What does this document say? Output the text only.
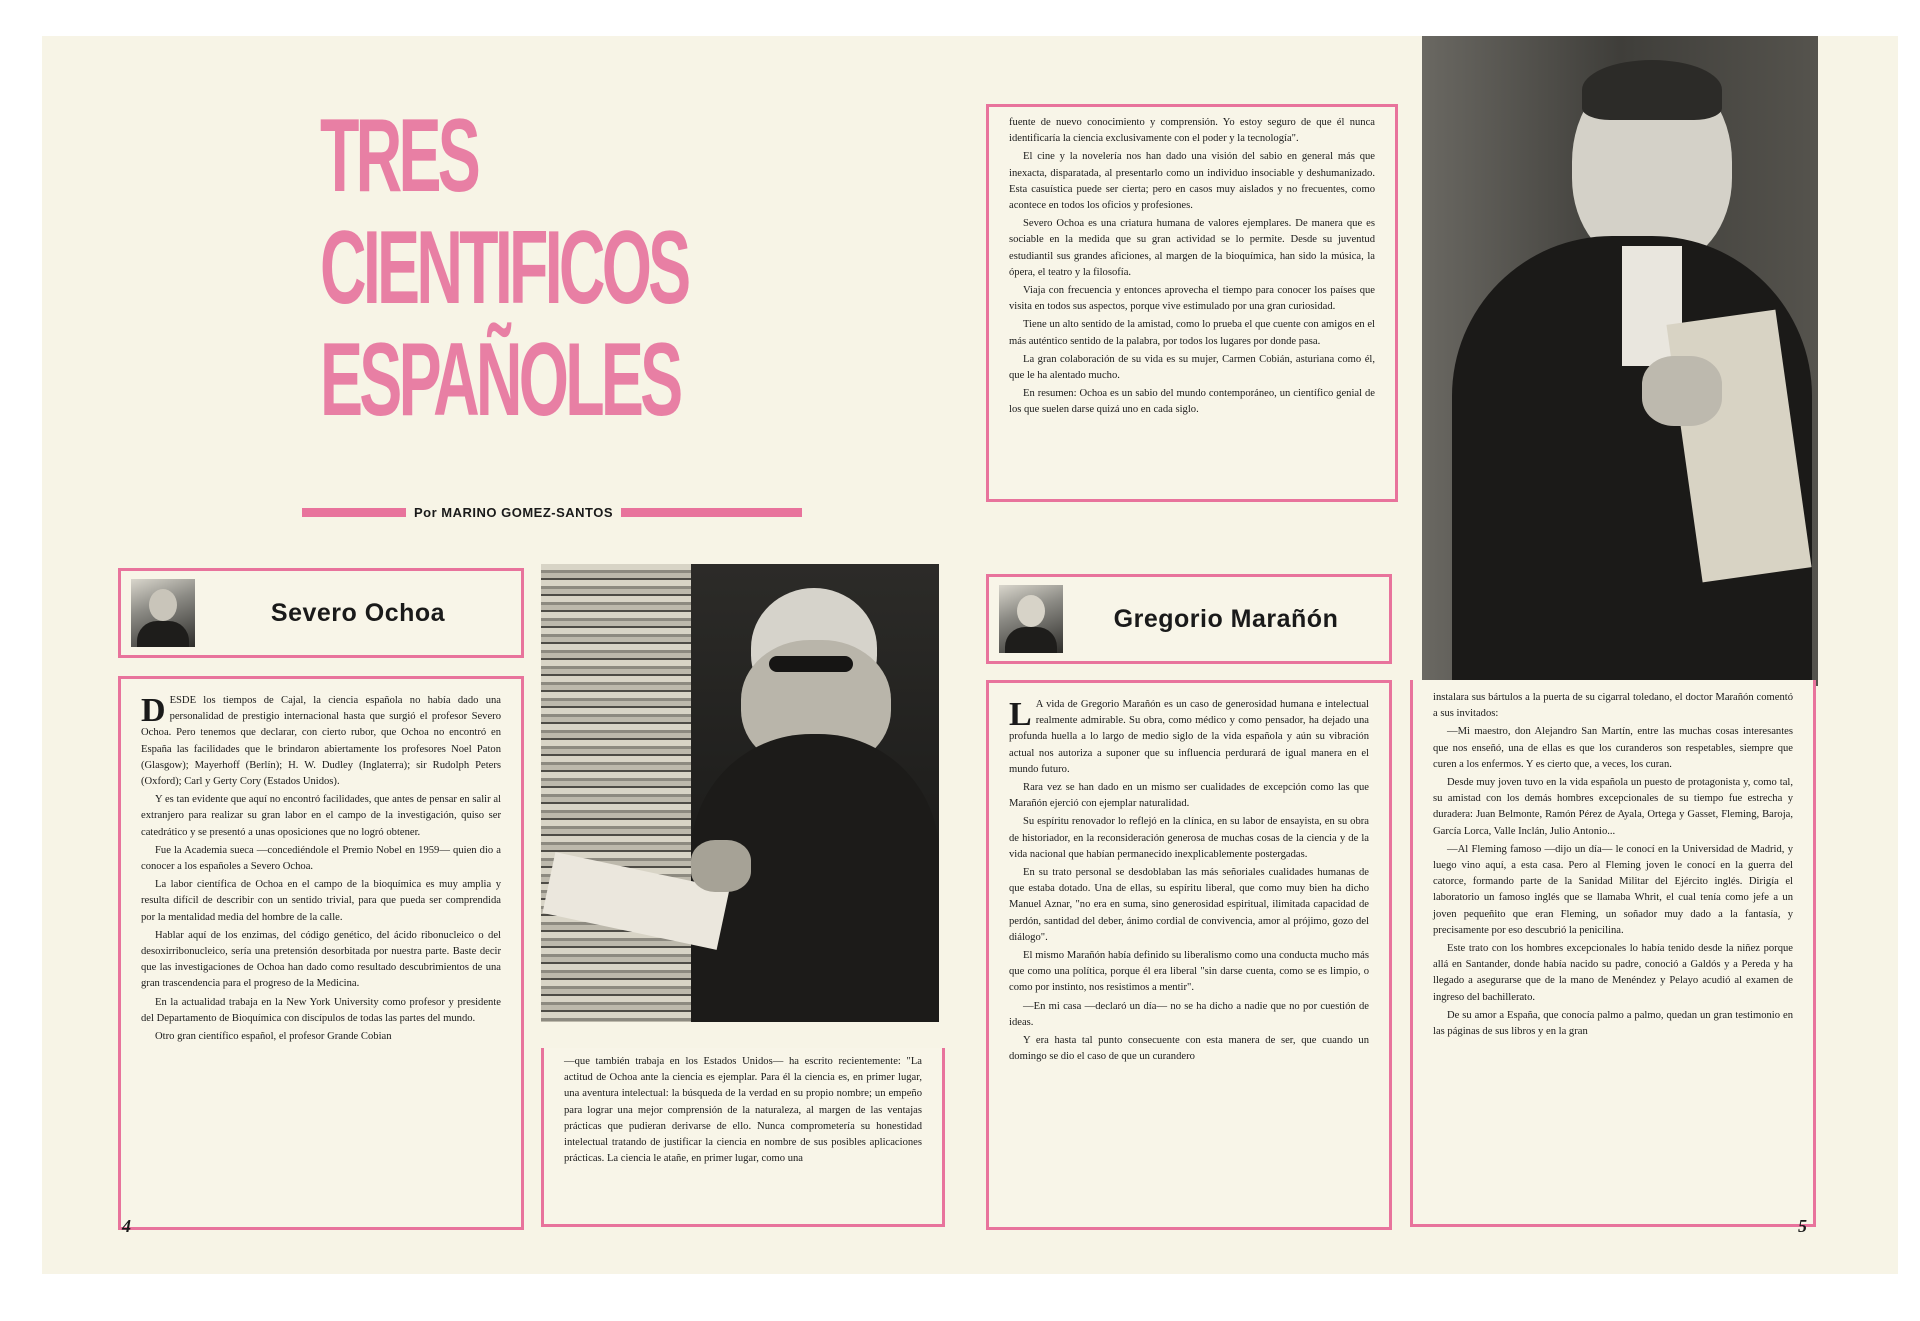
TRES
CIENTIFICOS
ESPAÑOLES
Por MARINO GOMEZ-SANTOS
Severo Ochoa

DESDE los tiempos de Cajal, la ciencia española no había dado una personalidad de prestigio internacional hasta que surgió el profesor Severo Ochoa. Pero tenemos que declarar, con cierto rubor, que Ochoa no encontró en España las facilidades que le brindaron abiertamente los profesores Noel Paton (Glasgow); Mayerhoff (Berlín); H. W. Dudley (Inglaterra); sir Rudolph Peters (Oxford); Carl y Gerty Cory (Estados Unidos).

Y es tan evidente que aquí no encontró facilidades, que antes de pensar en salir al extranjero para realizar su gran labor en el campo de la investigación, quiso ser catedrático y se presentó a unas oposiciones que no logró obtener.

Fue la Academia sueca —concediéndole el Premio Nobel en 1959— quien dio a conocer a los españoles a Severo Ochoa.

La labor científica de Ochoa en el campo de la bioquímica es muy amplia y resulta difícil de describir con un sentido trivial, para que pueda ser comprendida por la mentalidad media del hombre de la calle.

Hablar aquí de los enzimas, del código genético, del ácido ribonucleico o del desoxirribonucleico, sería una pretensión desorbitada por nuestra parte. Baste decir que las investigaciones de Ochoa han dado como resultado descubrimientos de una gran trascendencia para el progreso de la Medicina.

En la actualidad trabaja en la New York University como profesor y presidente del Departamento de Bioquímica con discípulos de todas las partes del mundo.

Otro gran científico español, el profesor Grande Cobian

—que también trabaja en los Estados Unidos— ha escrito recientemente: "La actitud de Ochoa ante la ciencia es ejemplar. Para él la ciencia es, en primer lugar, una aventura intelectual: la búsqueda de la verdad en su propio nombre; un empeño para lograr una mejor comprensión de la naturaleza, al margen de las ventajas prácticas que pudieran derivarse de ello. Nunca comprometería su honestidad intelectual tratando de justificar la ciencia en nombre de sus posibles aplicaciones prácticas. La ciencia le atañe, en primer lugar, como una

4

fuente de nuevo conocimiento y comprensión. Yo estoy seguro de que él nunca identificaría la ciencia exclusivamente con el poder y la tecnología".

El cine y la novelería nos han dado una visión del sabio en general más que inexacta, disparatada, al presentarlo como un individuo insociable y deshumanizado. Esta casuística puede ser cierta; pero en casos muy aislados y no frecuentes, como acontece en todos los oficios y profesiones.

Severo Ochoa es una criatura humana de valores ejemplares. De manera que es sociable en la medida que su gran actividad se lo permite. Desde su juventud estudiantil sus grandes aficiones, al margen de la bioquímica, han sido la música, la ópera, el teatro y la filosofía.

Viaja con frecuencia y entonces aprovecha el tiempo para conocer los países que visita en todos sus aspectos, porque vive estimulado por una gran curiosidad.

Tiene un alto sentido de la amistad, como lo prueba el que cuente con amigos en el más auténtico sentido de la palabra, por todos los lugares por donde pasa.

La gran colaboración de su vida es su mujer, Carmen Cobián, asturiana como él, que le ha alentado mucho.

En resumen: Ochoa es un sabio del mundo contemporáneo, un científico genial de los que suelen darse quizá uno en cada siglo.

Gregorio Marañón

L A vida de Gregorio Marañón es un caso de generosidad humana e intelectual realmente admirable. Su obra, como médico y como pensador, ha dejado una profunda huella a lo largo de medio siglo de la vida española y aún su vibración actual nos autoriza a suponer que su influencia perdurará de igual manera en el mundo futuro.

Rara vez se han dado en un mismo ser cualidades de excepción como las que Marañón ejerció con ejemplar naturalidad.

Su espíritu renovador lo reflejó en la clínica, en su labor de ensayista, en su obra de historiador, en la reconsideración generosa de muchas cosas de la ciencia y de la vida nacional que habían permanecido inexplicablemente postergadas.

En su trato personal se desdoblaban las más señoriales cualidades humanas de que estaba dotado. Una de ellas, su espíritu liberal, que como muy bien ha dicho Manuel Aznar, "no era en suma, sino generosidad espiritual, ilimitada capacidad de perdón, santidad del deber, ánimo cordial de convivencia, amor al prójimo, gozo del diálogo".

El mismo Marañón había definido su liberalismo como una conducta mucho más que como una política, porque él era liberal "sin darse cuenta, como se es limpio, o como por instinto, nos resistimos a mentir".

—En mi casa —declaró un día— no se ha dicho a nadie que no por cuestión de ideas.

Y era hasta tal punto consecuente con esta manera de ser, que cuando un domingo se dio el caso de que un curandero

instalara sus bártulos a la puerta de su cigarral toledano, el doctor Marañón comentó a sus invitados:

—Mi maestro, don Alejandro San Martín, entre las muchas cosas interesantes que nos enseñó, una de ellas es que los curanderos son respetables, siempre que curen a los enfermos. Y es cierto que, a veces, los curan.

Desde muy joven tuvo en la vida española un puesto de protagonista y, como tal, su amistad con los demás hombres excepcionales de su tiempo fue estrecha y duradera: Juan Belmonte, Ramón Pérez de Ayala, Ortega y Gasset, Fleming, Baroja, García Lorca, Valle Inclán, Julio Antonio...

—Al Fleming famoso —dijo un día— le conocí en la Universidad de Madrid, y luego vino aquí, a esta casa. Pero al Fleming joven le conocí en la guerra del catorce, formando parte de la Sanidad Militar del Ejército inglés. Dirigía el laboratorio un famoso inglés que se llamaba Whrit, el cual tenía como jefe a un joven pequeñito que eran Fleming, un soñador muy dado a la fantasía, y precisamente por eso descubrió la penicilina.

Este trato con los hombres excepcionales lo había tenido desde la niñez porque allá en Santander, donde había nacido su padre, conoció a Galdós y a Pereda y ha llegado a asegurarse que de la mano de Menéndez y Pelayo acudió al examen de ingreso del bachillerato.

De su amor a España, que conocía palmo a palmo, quedan un gran testimonio en las páginas de sus libros y en la gran

5
